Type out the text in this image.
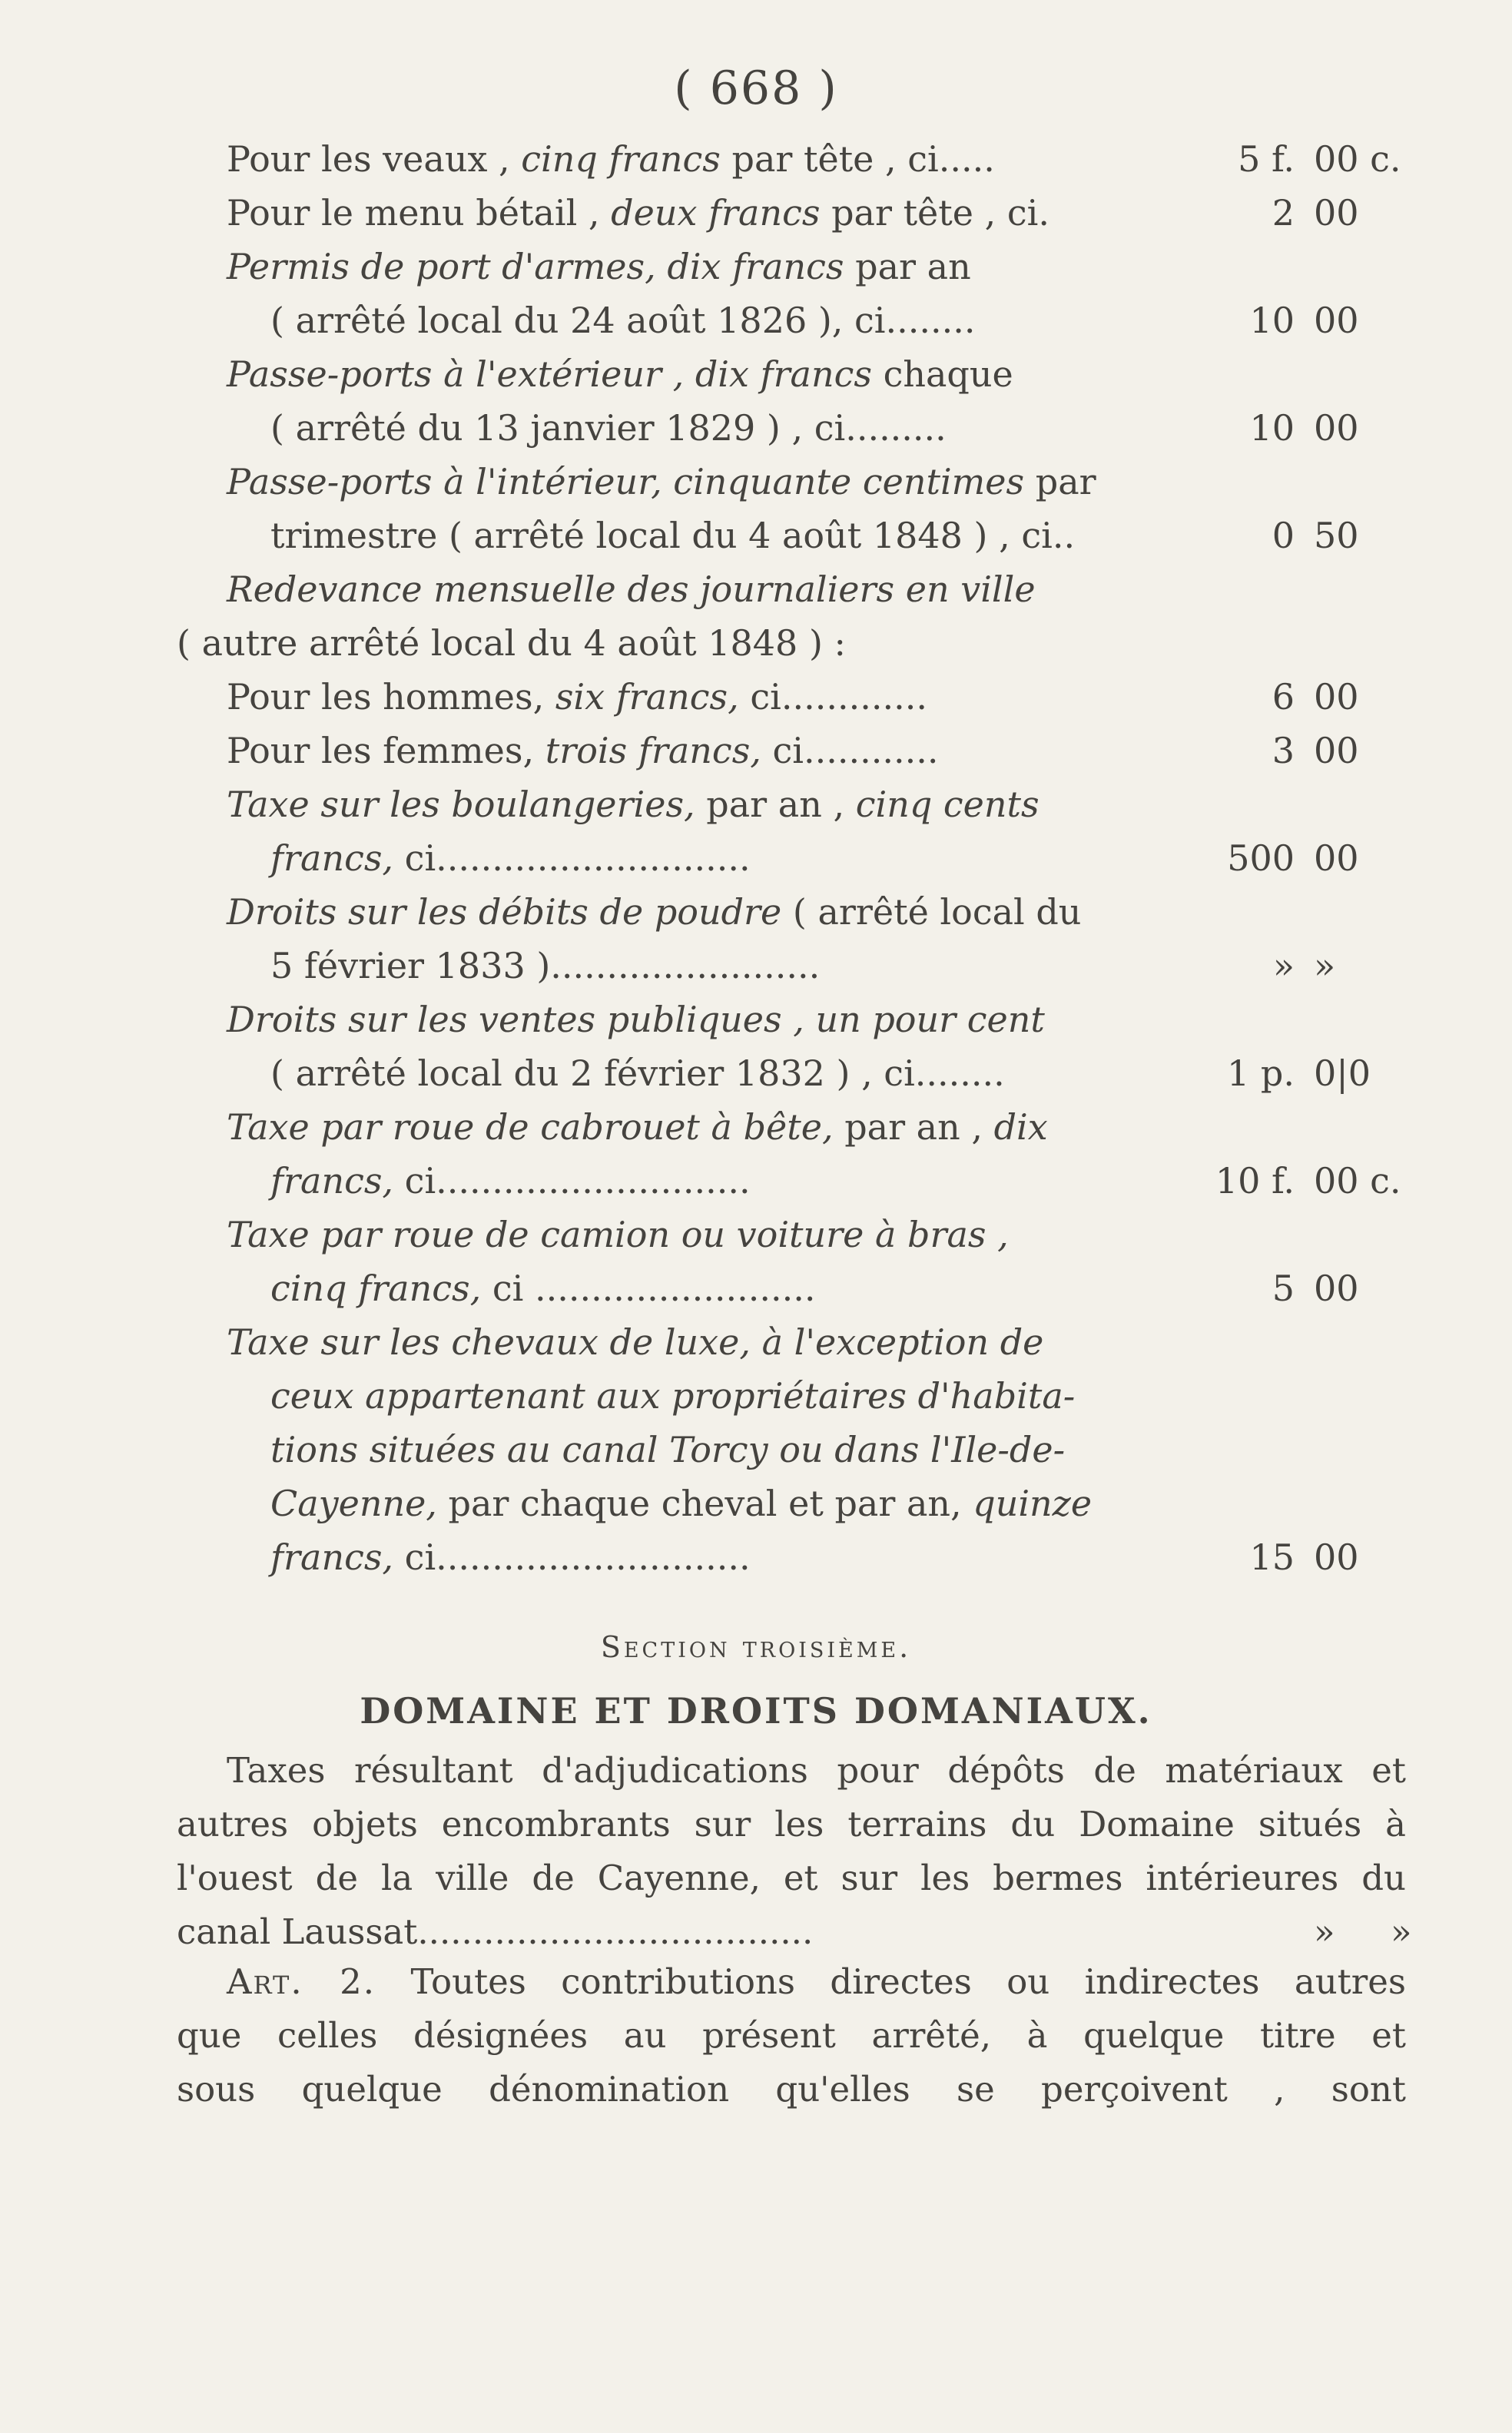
( 668 )
Pour les veaux , cinq francs par tête , ci.....	5 f. 00 c.
Pour le menu bétail , deux francs par tête , ci.	2 00
Permis de port d'armes, dix francs par an
( arrêté local du 24 août 1826 ), ci........	10 00
Passe-ports à l'extérieur , dix francs chaque
( arrêté du 13 janvier 1829 ) , ci.........	10 00
Passe-ports à l'intérieur, cinquante centimes par
trimestre ( arrêté local du 4 août 1848 ) , ci..	0 50
Redevance mensuelle des journaliers en ville
( autre arrêté local du 4 août 1848 ) :
Pour les hommes, six francs, ci.............	6 00
Pour les femmes, trois francs, ci............	3 00
Taxe sur les boulangeries, par an , cinq cents
francs, ci............................	500 00
Droits sur les débits de poudre ( arrêté local du
5 février 1833 )........................	» »
Droits sur les ventes publiques , un pour cent
( arrêté local du 2 février 1832 ) , ci........	1 p. 0|0
Taxe par roue de cabrouet à bête, par an , dix
francs, ci............................	10 f. 00 c.
Taxe par roue de camion ou voiture à bras ,
cinq francs, ci .........................	5 00
Taxe sur les chevaux de luxe, à l'exception de
ceux appartenant aux propriétaires d'habita-
tions situées au canal Torcy ou dans l'Ile-de-
Cayenne, par chaque cheval et par an, quinze
francs, ci............................	15 00
Section troisième.
DOMAINE ET DROITS DOMANIAUX.
Taxes résultant d'adjudications pour dépôts de matériaux et
autres objets encombrants sur les terrains du Domaine situés à
l'ouest de la ville de Cayenne, et sur les bermes intérieures du
canal Laussat....................................	» »
Art. 2. Toutes contributions directes ou indirectes autres
que celles désignées au présent arrêté, à quelque titre et
sous quelque dénomination qu'elles se perçoivent , sont
